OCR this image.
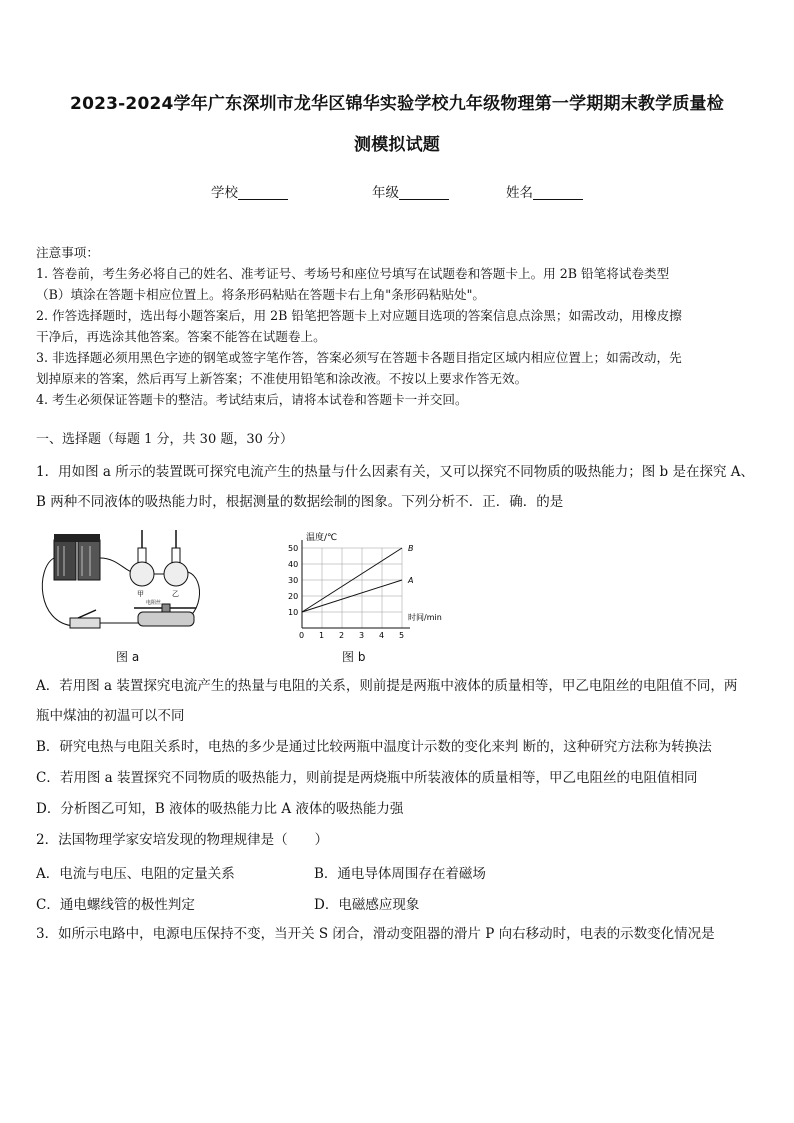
2023-2024学年广东深圳市龙华区锦华实验学校九年级物理第一学期期末教学质量检
测模拟试题
学校	年级	姓名
注意事项：
1. 答卷前，考生务必将自己的姓名、准考证号、考场号和座位号填写在试题卷和答题卡上。用 2B 铅笔将试卷类型
（B）填涂在答题卡相应位置上。将条形码粘贴在答题卡右上角"条形码粘贴处"。
2. 作答选择题时，选出每小题答案后，用 2B 铅笔把答题卡上对应题目选项的答案信息点涂黑；如需改动，用橡皮擦
干净后，再选涂其他答案。答案不能答在试题卷上。
3. 非选择题必须用黑色字迹的钢笔或签字笔作答，答案必须写在答题卡各题目指定区域内相应位置上；如需改动，先
划掉原来的答案，然后再写上新答案；不准使用铅笔和涂改液。不按以上要求作答无效。
4. 考生必须保证答题卡的整洁。考试结束后，请将本试卷和答题卡一并交回。
一、选择题（每题 1 分，共 30 题，30 分）
1．用如图 a 所示的装置既可探究电流产生的热量与什么因素有关，又可以探究不同物质的吸热能力；图 b 是在探究 A、
B 两种不同液体的吸热能力时，根据测量的数据绘制的图象。下列分析不．正．确．的是
甲	乙
电阻丝
图 a
0 1 2 3 4 5
10
20
30
40
50	B
A
温度/℃
时间/min
图 b
A．若用图 a 装置探究电流产生的热量与电阻的关系，则前提是两瓶中液体的质量相等，甲乙电阻丝的电阻值不同，两
瓶中煤油的初温可以不同
B．研究电热与电阻关系时，电热的多少是通过比较两瓶中温度计示数的变化来判 断的，这种研究方法称为转换法
C．若用图 a 装置探究不同物质的吸热能力，则前提是两烧瓶中所装液体的质量相等，甲乙电阻丝的电阻值相同
D．分析图乙可知，B 液体的吸热能力比 A 液体的吸热能力强
2．法国物理学家安培发现的物理规律是（　　）
A．电流与电压、电阻的定量关系	B．通电导体周围存在着磁场
C．通电螺线管的极性判定	D．电磁感应现象
3．如所示电路中，电源电压保持不变，当开关 S 闭合，滑动变阻器的滑片 P 向右移动时，电表的示数变化情况是
